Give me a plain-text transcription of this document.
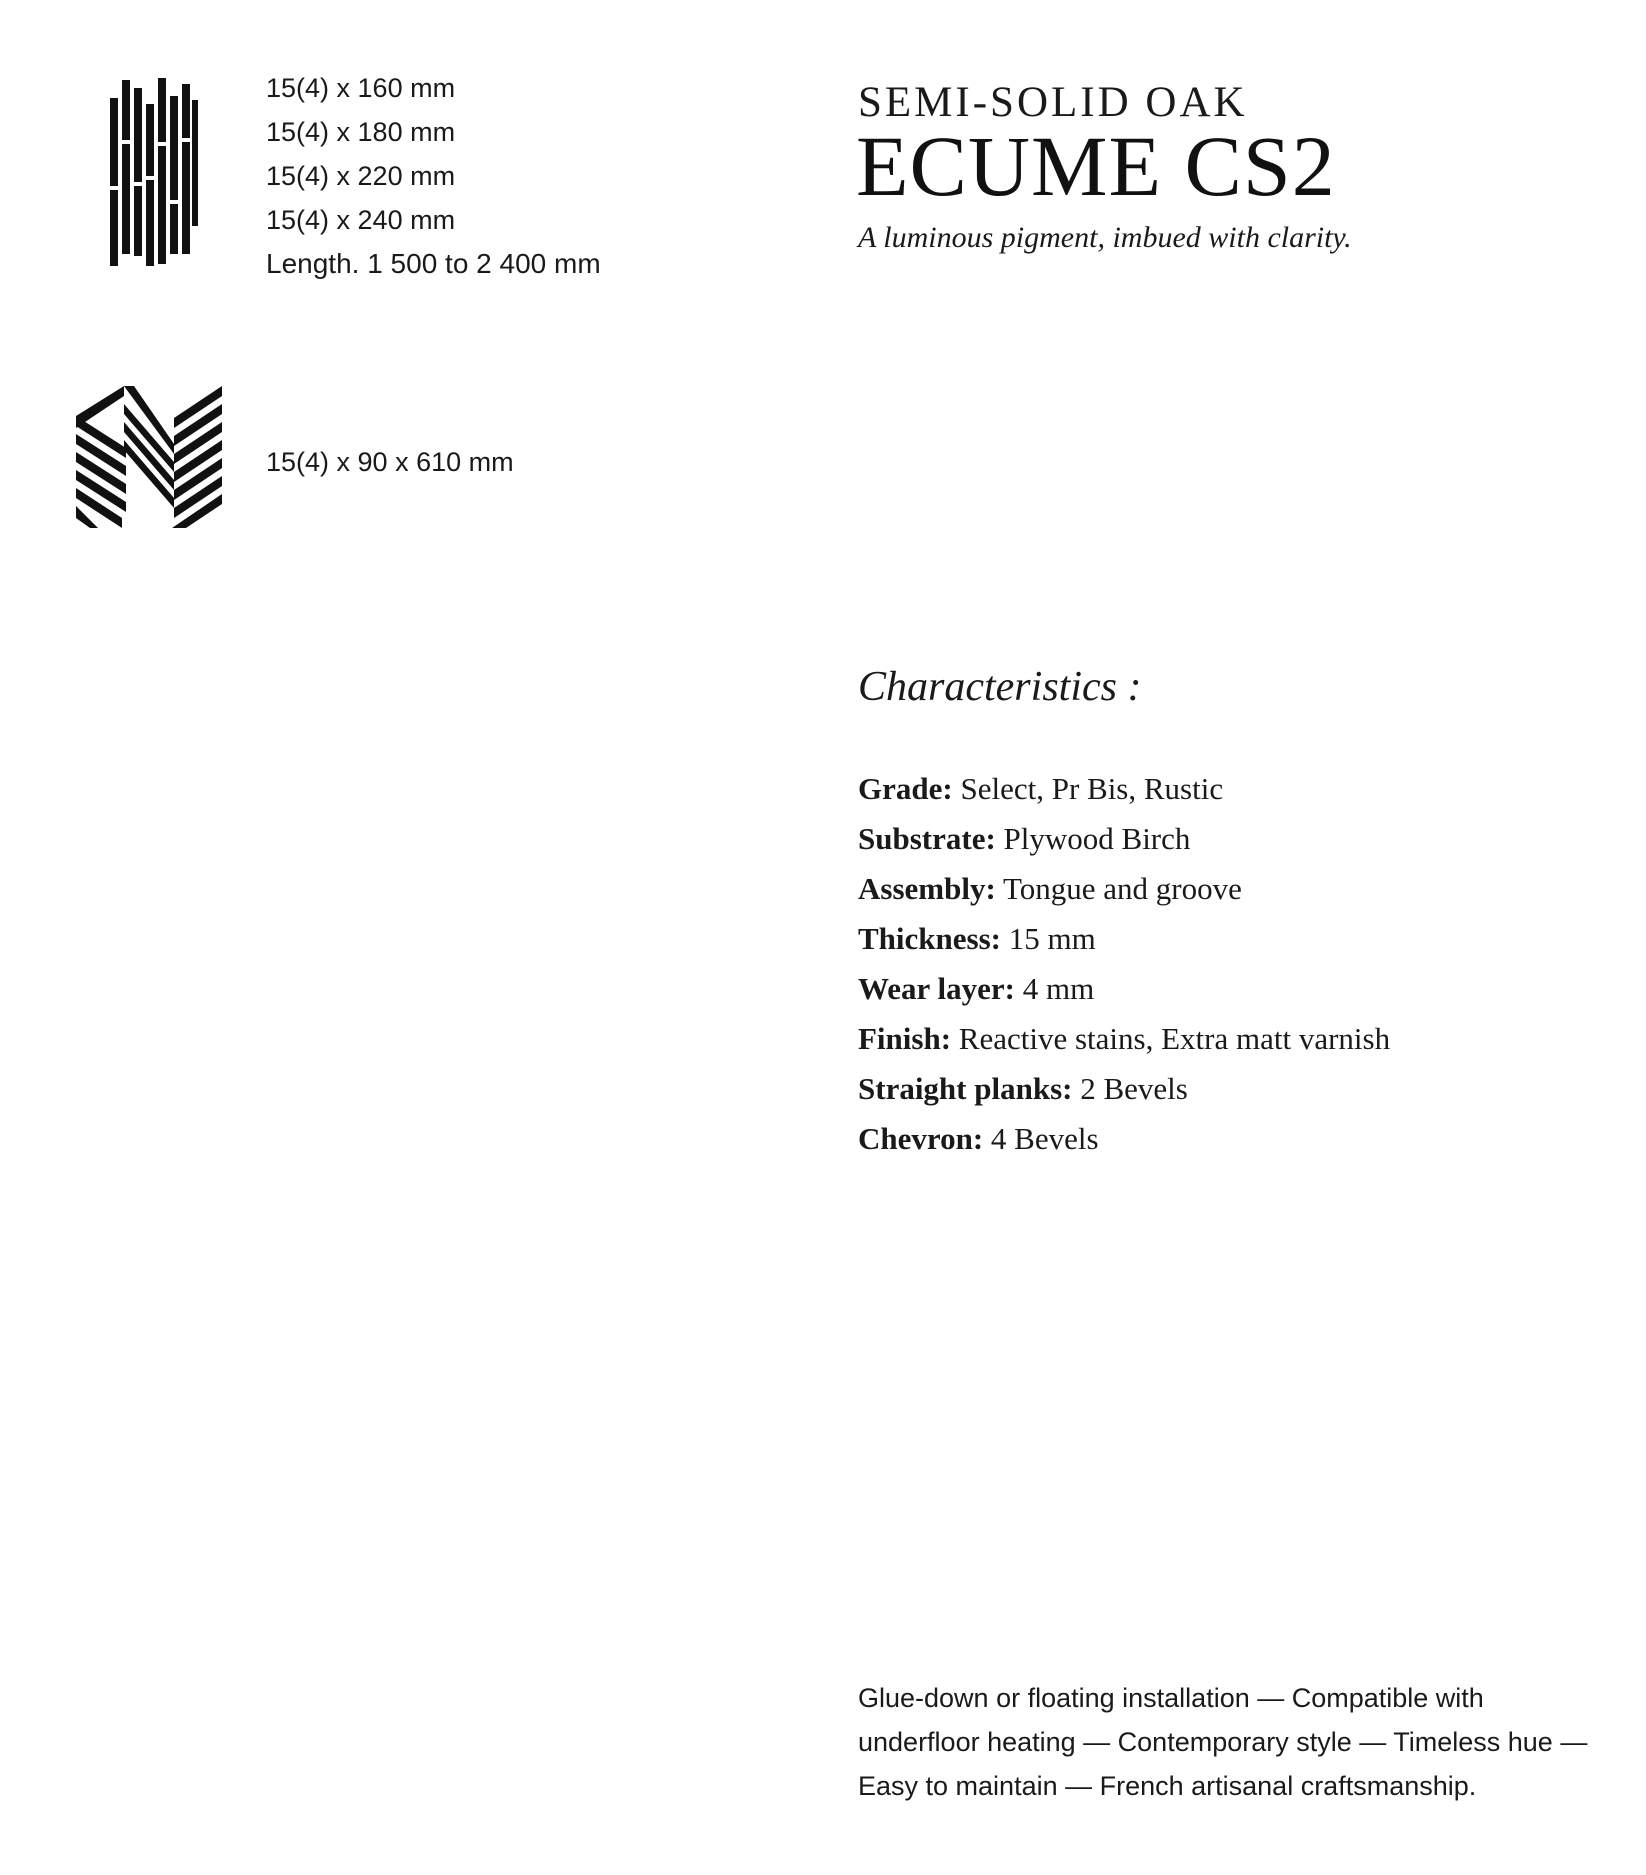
15(4) x 160 mm
15(4) x 180 mm
15(4) x 220 mm
15(4) x 240 mm
Length. 1 500 to 2 400 mm
15(4) x 90 x 610 mm
SEMI-SOLID OAK
ECUME CS2
A luminous pigment, imbued with clarity.
Characteristics :
Grade: Select, Pr Bis, Rustic
Substrate: Plywood Birch
Assembly: Tongue and groove
Thickness: 15 mm
Wear layer: 4 mm
Finish: Reactive stains, Extra matt varnish
Straight planks: 2 Bevels
Chevron: 4 Bevels
Glue-down or floating installation — Compatible with underfloor heating — Contemporary style — Timeless hue — Easy to maintain — French artisanal craftsmanship.
